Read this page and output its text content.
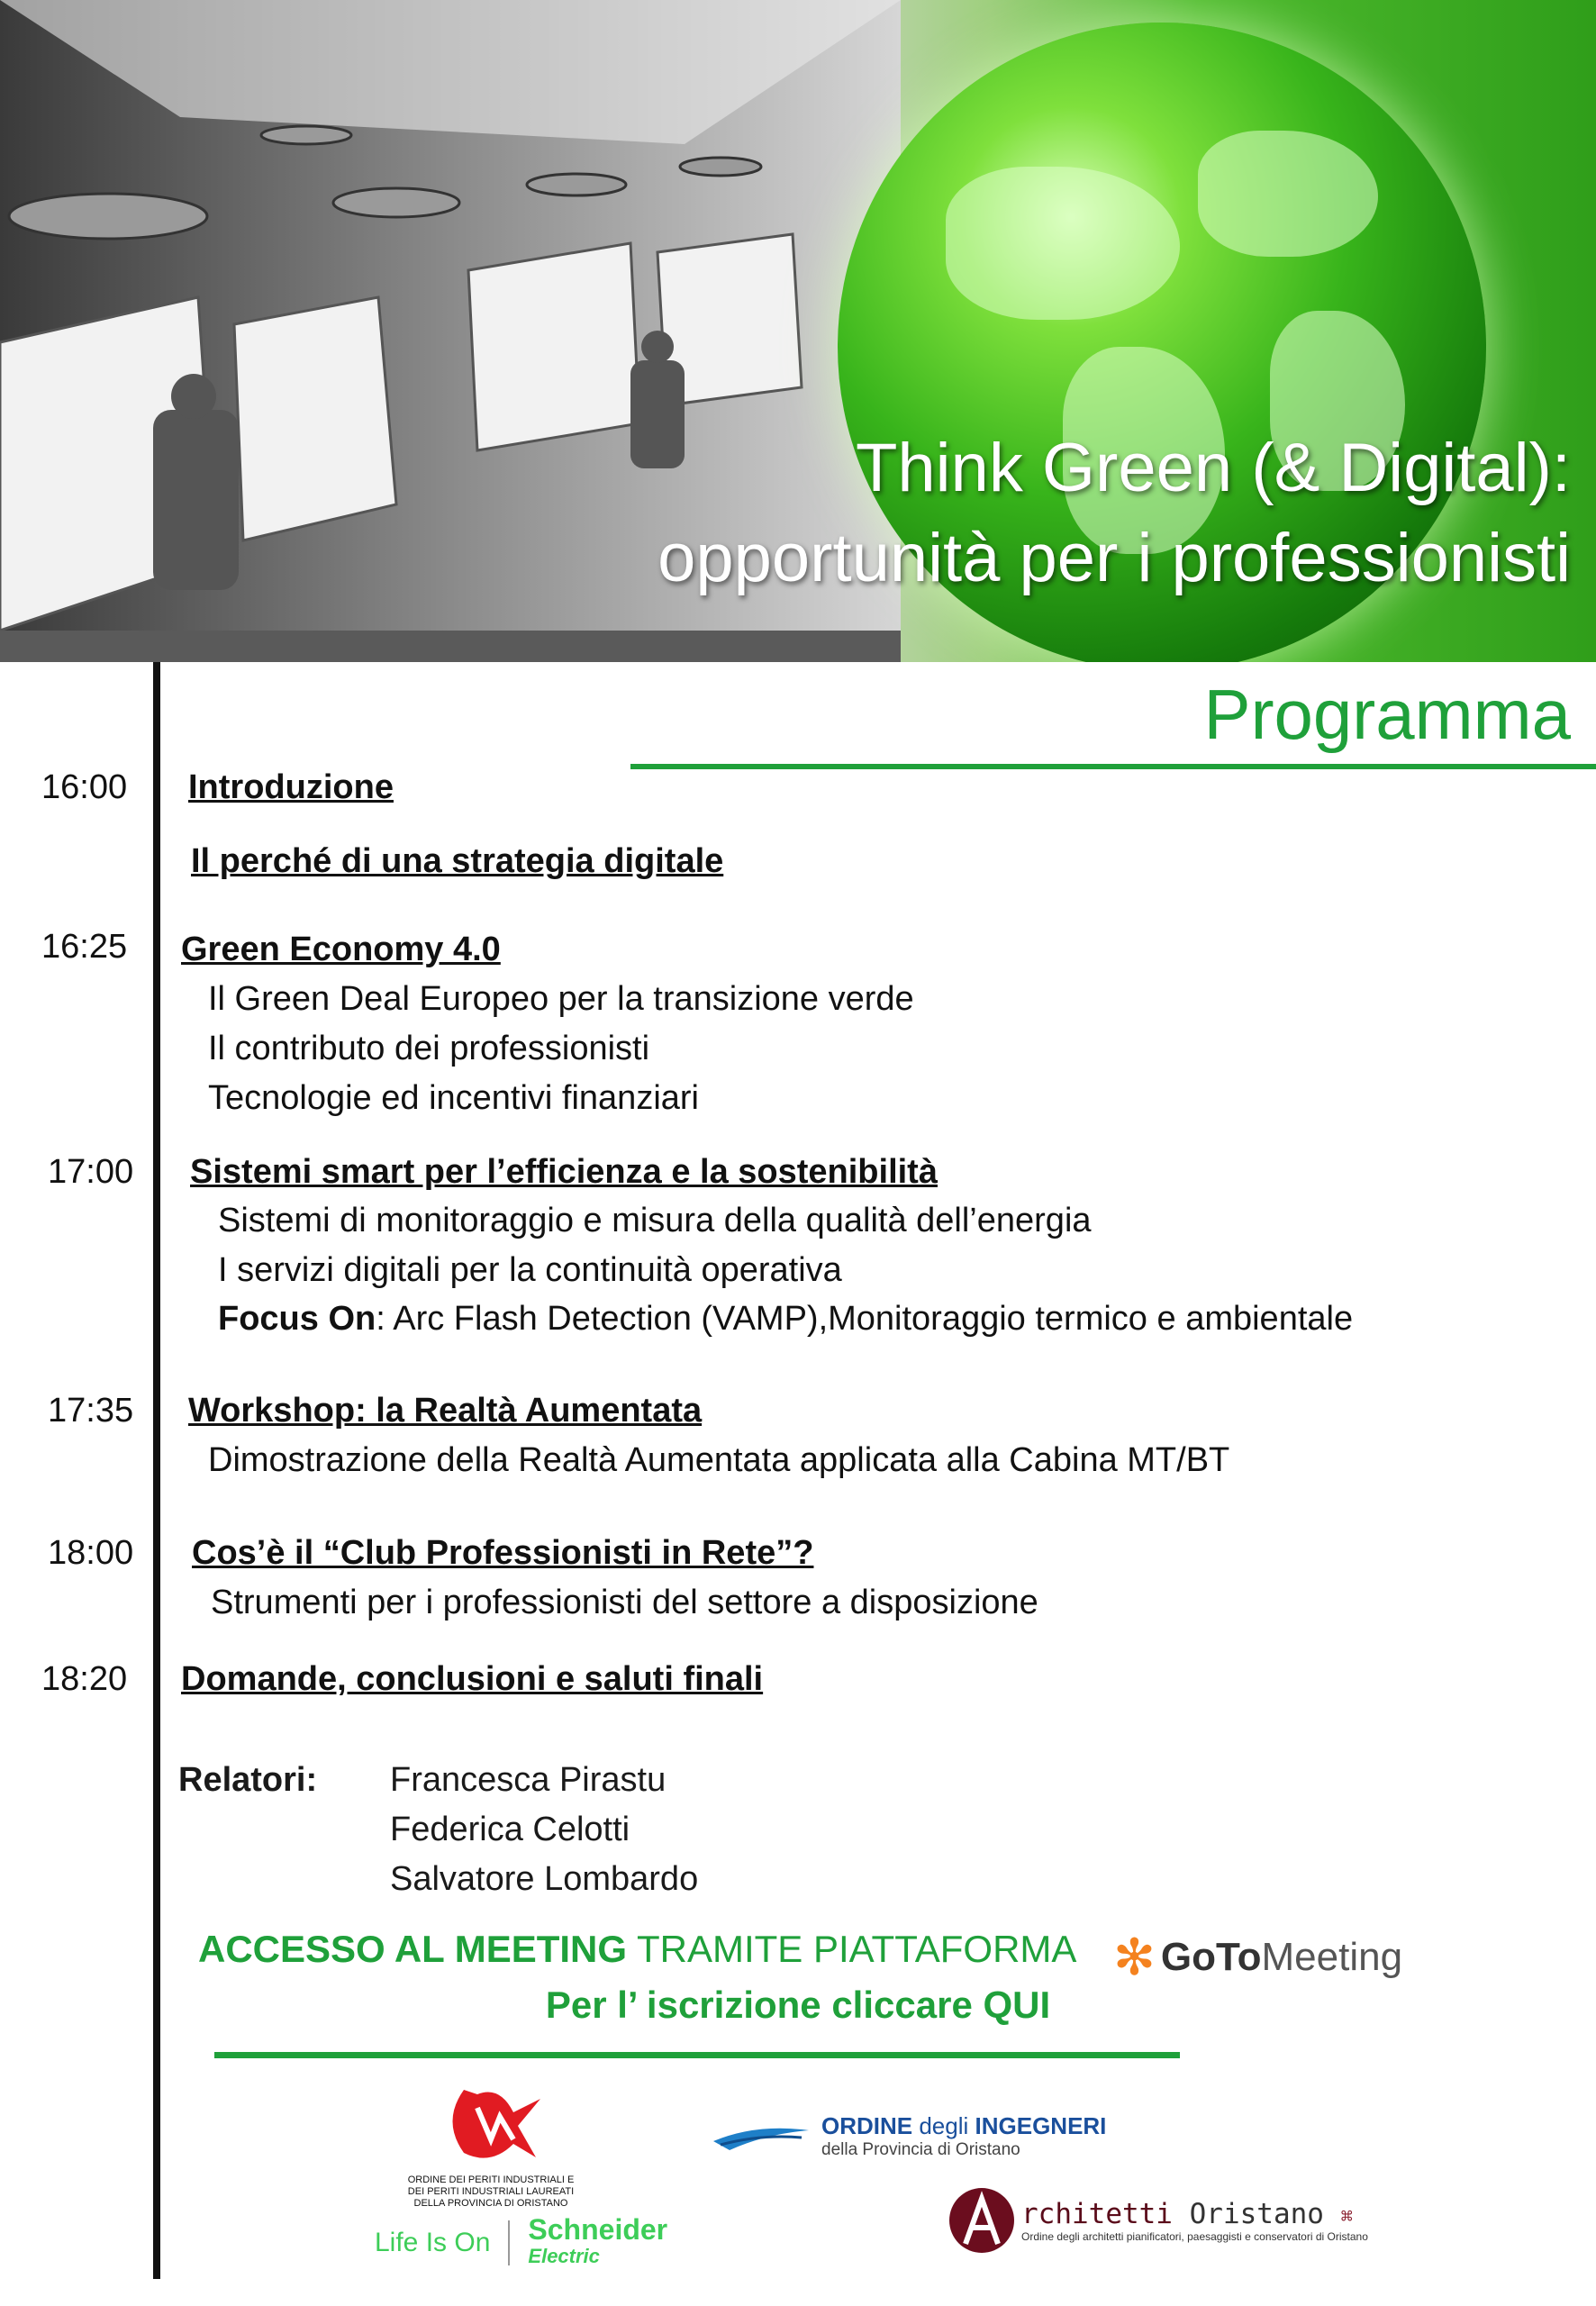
Think Green (& Digital):
opportunità per i professionisti
Programma
16:00 Introduzione
Il perché di una strategia digitale
16:25 Green Economy 4.0
Il Green Deal Europeo per la transizione verde
Il contributo dei professionisti
Tecnologie ed incentivi finanziari
17:00 Sistemi smart per l’efficienza e la sostenibilità
Sistemi di monitoraggio e misura della qualità dell’energia
I servizi digitali per la continuità operativa
Focus On: Arc Flash Detection (VAMP),Monitoraggio termico e ambientale
17:35 Workshop: la Realtà Aumentata
Dimostrazione della Realtà Aumentata applicata alla Cabina MT/BT
18:00 Cos’è il “Club Professionisti in Rete”?
Strumenti per i professionisti del settore a disposizione
18:20 Domande, conclusioni e saluti finali
Relatori: Francesca Pirastu
Federica Celotti
Salvatore Lombardo
ACCESSO AL MEETING TRAMITE PIATTAFORMA ✻ GoTo Meeting
Per l’ iscrizione cliccare QUI
ORDINE DEI PERITI INDUSTRIALI E DEI PERITI INDUSTRIALI LAUREATI DELLA PROVINCIA DI ORISTANO
ORDINE degli INGEGNERI
della Provincia di Oristano
rchitetti Oristano ⌘
Ordine degli architetti pianificatori, paesaggisti e conservatori di Oristano
Life Is On Schneider
Electric
